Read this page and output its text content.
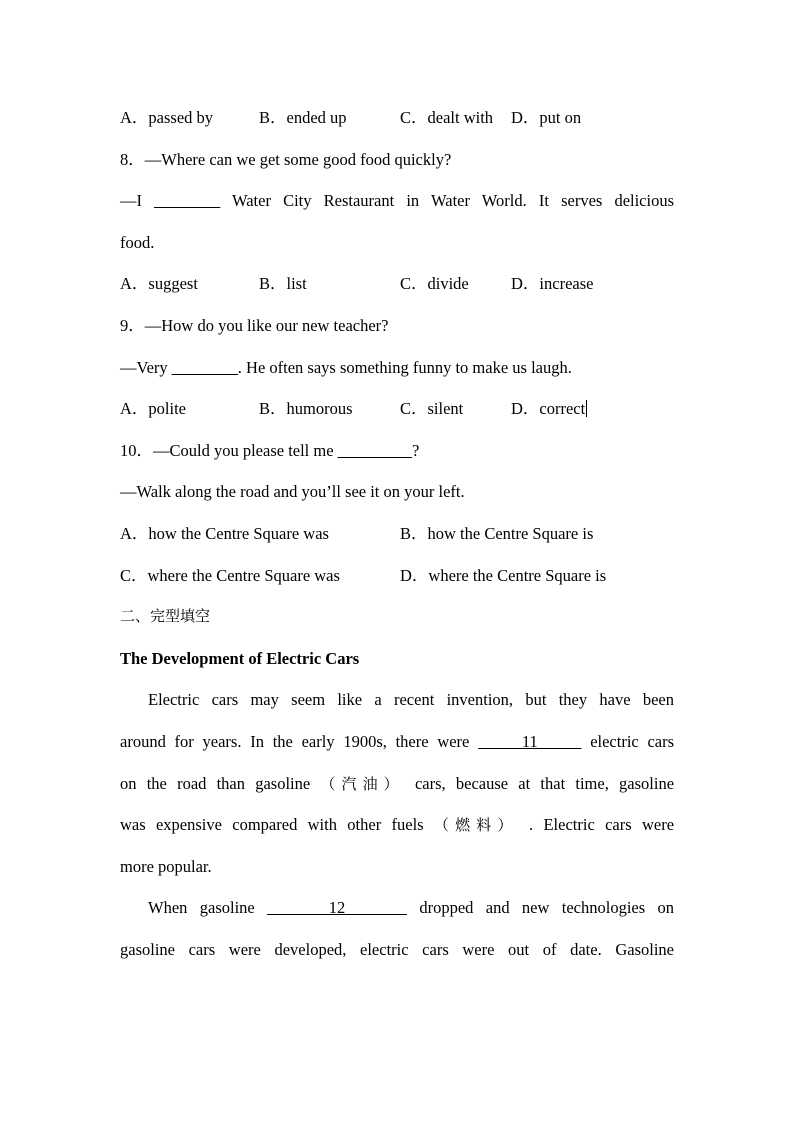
A．passed by	B．ended up	C．dealt with D．put on
8．—Where can we get some good food quickly?
—I ________ Water City Restaurant in Water World. It serves delicious
food.
A．suggest	B．list	C．divide	D．increase
9．—How do you like our new teacher?
—Very ________. He often says something funny to make us laugh.
A．polite	B．humorous	C．silent	D．correct
10．—Could you please tell me _________?
—Walk along the road and you’ll see it on your left.
A．how the Centre Square was	B．how the Centre Square is
C．where the Centre Square was	D．where the Centre Square is
二、完型填空
The Development of Electric Cars
Electric cars may seem like a recent invention, but they have been
around for years. In the early 1900s, there were      11      electric cars
on the road than gasoline （汽油） cars, because at that time, gasoline
was expensive compared with other fuels （燃料） . Electric cars were
more popular.
When gasoline      12      dropped and new technologies on
gasoline cars were developed, electric cars were out of date. Gasoline
